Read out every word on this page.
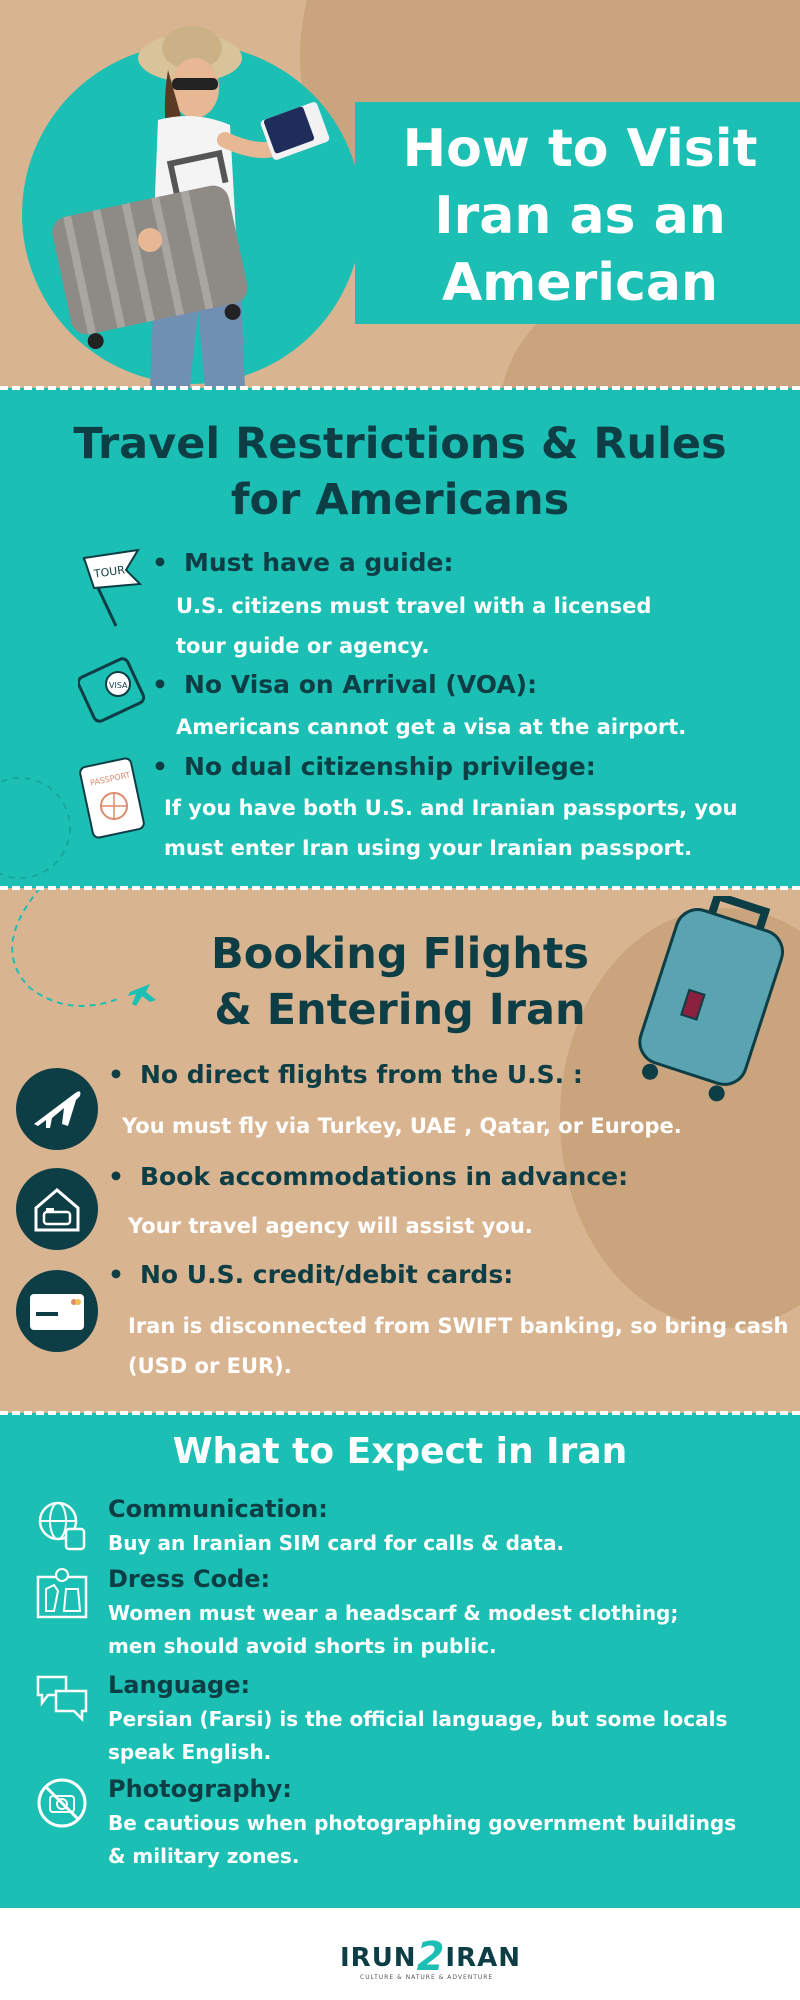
How to Visit
Iran as an
American
Travel Restrictions & Rules
for Americans
TOUR	• Must have a guide:
U.S. citizens must travel with a licensed
tour guide or agency.
VISA	• No Visa on Arrival (VOA):
Americans cannot get a visa at the airport.
PASSPORT	• No dual citizenship privilege:
If you have both U.S. and Iranian passports, you
must enter Iran using your Iranian passport.
Booking Flights
& Entering Iran
• No direct flights from the U.S. :
You must fly via Turkey, UAE , Qatar, or Europe.
• Book accommodations in advance:
Your travel agency will assist you.
• No U.S. credit/debit cards:
Iran is disconnected from SWIFT banking, so bring cash
(USD or EUR).
What to Expect in Iran
Communication:
Buy an Iranian SIM card for calls & data.
Dress Code:
Women must wear a headscarf & modest clothing;
men should avoid shorts in public.
Language:
Persian (Farsi) is the official language, but some locals
speak English.
Photography:
Be cautious when photographing government buildings
& military zones.
IRUN2IRAN
CULTURE & NATURE & ADVENTURE
